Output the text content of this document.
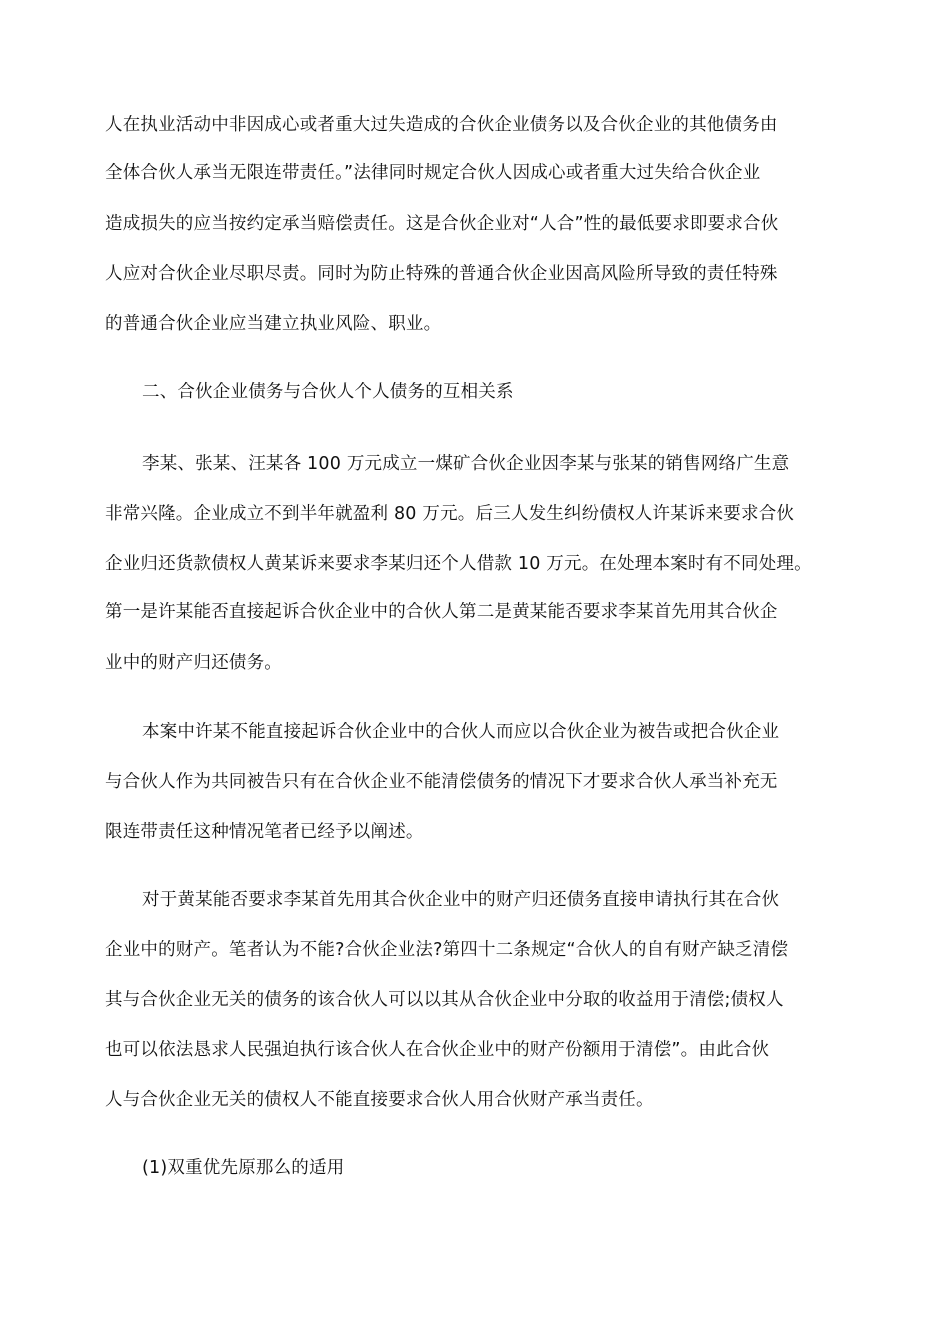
人在执业活动中非因成心或者重大过失造成的合伙企业债务以及合伙企业的其他债务由
全体合伙人承当无限连带责任。”法律同时规定合伙人因成心或者重大过失给合伙企业
造成损失的应当按约定承当赔偿责任。这是合伙企业对“人合”性的最低要求即要求合伙
人应对合伙企业尽职尽责。同时为防止特殊的普通合伙企业因高风险所导致的责任特殊
的普通合伙企业应当建立执业风险、职业。
二、合伙企业债务与合伙人个人债务的互相关系
李某、张某、汪某各 100 万元成立一煤矿合伙企业因李某与张某的销售网络广生意
非常兴隆。企业成立不到半年就盈利 80 万元。后三人发生纠纷债权人许某诉来要求合伙
企业归还货款债权人黄某诉来要求李某归还个人借款 10 万元。在处理本案时有不同处理。
第一是许某能否直接起诉合伙企业中的合伙人第二是黄某能否要求李某首先用其合伙企
业中的财产归还债务。
本案中许某不能直接起诉合伙企业中的合伙人而应以合伙企业为被告或把合伙企业
与合伙人作为共同被告只有在合伙企业不能清偿债务的情况下才要求合伙人承当补充无
限连带责任这种情况笔者已经予以阐述。
对于黄某能否要求李某首先用其合伙企业中的财产归还债务直接申请执行其在合伙
企业中的财产。笔者认为不能?合伙企业法?第四十二条规定“合伙人的自有财产缺乏清偿
其与合伙企业无关的债务的该合伙人可以以其从合伙企业中分取的收益用于清偿;债权人
也可以依法恳求人民强迫执行该合伙人在合伙企业中的财产份额用于清偿”。由此合伙
人与合伙企业无关的债权人不能直接要求合伙人用合伙财产承当责任。
(1)双重优先原那么的适用
